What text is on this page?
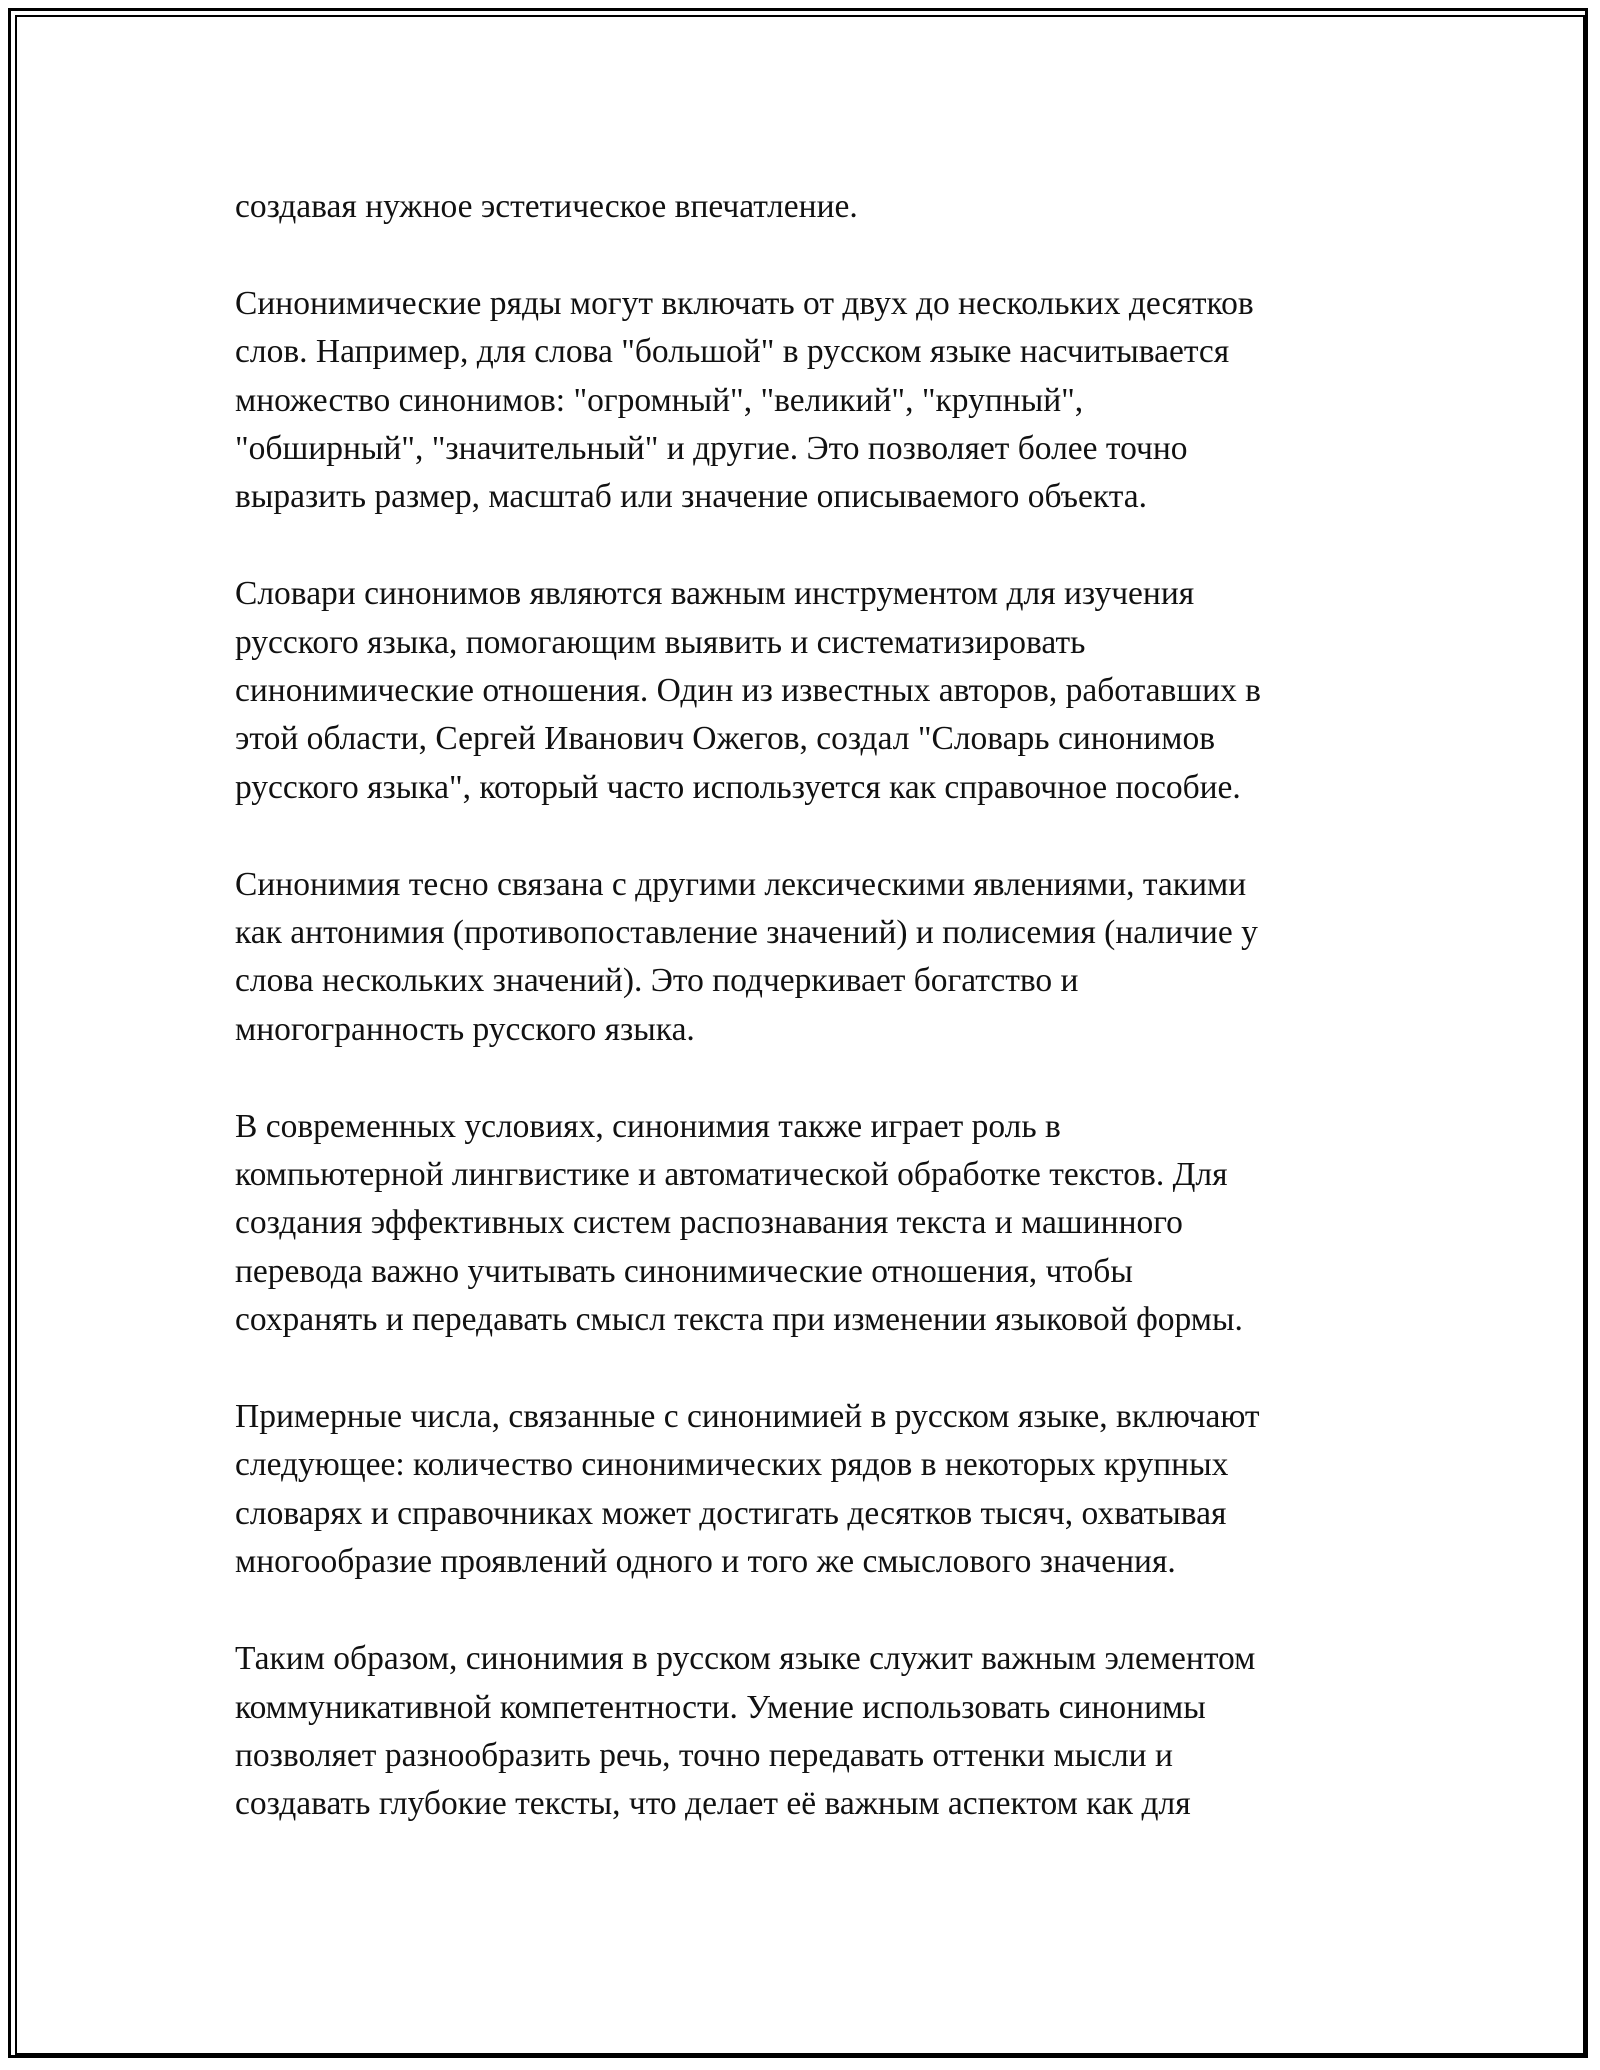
создавая нужное эстетическое впечатление.
Синонимические ряды могут включать от двух до нескольких десятков
слов. Например, для слова "большой" в русском языке насчитывается
множество синонимов: "огромный", "великий", "крупный",
"обширный", "значительный" и другие. Это позволяет более точно
выразить размер, масштаб или значение описываемого объекта.
Словари синонимов являются важным инструментом для изучения
русского языка, помогающим выявить и систематизировать
синонимические отношения. Один из известных авторов, работавших в
этой области, Сергей Иванович Ожегов, создал "Словарь синонимов
русского языка", который часто используется как справочное пособие.
Синонимия тесно связана с другими лексическими явлениями, такими
как антонимия (противопоставление значений) и полисемия (наличие у
слова нескольких значений). Это подчеркивает богатство и
многогранность русского языка.
В современных условиях, синонимия также играет роль в
компьютерной лингвистике и автоматической обработке текстов. Для
создания эффективных систем распознавания текста и машинного
перевода важно учитывать синонимические отношения, чтобы
сохранять и передавать смысл текста при изменении языковой формы.
Примерные числа, связанные с синонимией в русском языке, включают
следующее: количество синонимических рядов в некоторых крупных
словарях и справочниках может достигать десятков тысяч, охватывая
многообразие проявлений одного и того же смыслового значения.
Таким образом, синонимия в русском языке служит важным элементом
коммуникативной компетентности. Умение использовать синонимы
позволяет разнообразить речь, точно передавать оттенки мысли и
создавать глубокие тексты, что делает её важным аспектом как для
